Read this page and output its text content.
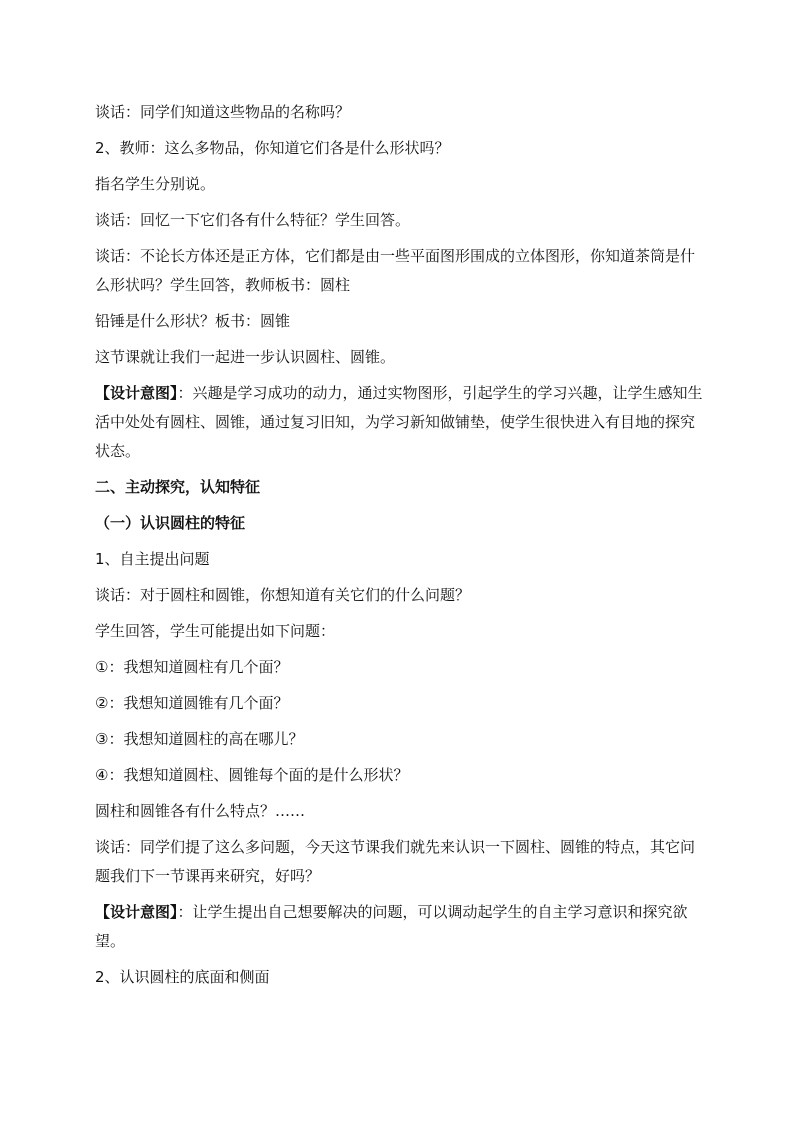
谈话：同学们知道这些物品的名称吗？

2、教师：这么多物品，你知道它们各是什么形状吗？

指名学生分别说。

谈话：回忆一下它们各有什么特征？学生回答。

谈话：不论长方体还是正方体，它们都是由一些平面图形围成的立体图形，你知道茶筒是什么形状吗？学生回答，教师板书：圆柱

铅锤是什么形状？板书：圆锥

这节课就让我们一起进一步认识圆柱、圆锥。

【设计意图】：兴趣是学习成功的动力，通过实物图形，引起学生的学习兴趣，让学生感知生活中处处有圆柱、圆锥，通过复习旧知，为学习新知做铺垫，使学生很快进入有目地的探究状态。

二、主动探究，认知特征

（一）认识圆柱的特征

1、自主提出问题

谈话：对于圆柱和圆锥，你想知道有关它们的什么问题？

学生回答，学生可能提出如下问题：

①：我想知道圆柱有几个面？

②：我想知道圆锥有几个面？

③：我想知道圆柱的高在哪儿？

④：我想知道圆柱、圆锥每个面的是什么形状？

圆柱和圆锥各有什么特点？……

谈话：同学们提了这么多问题，今天这节课我们就先来认识一下圆柱、圆锥的特点，其它问题我们下一节课再来研究，好吗？

【设计意图】：让学生提出自己想要解决的问题，可以调动起学生的自主学习意识和探究欲望。

2、认识圆柱的底面和侧面
